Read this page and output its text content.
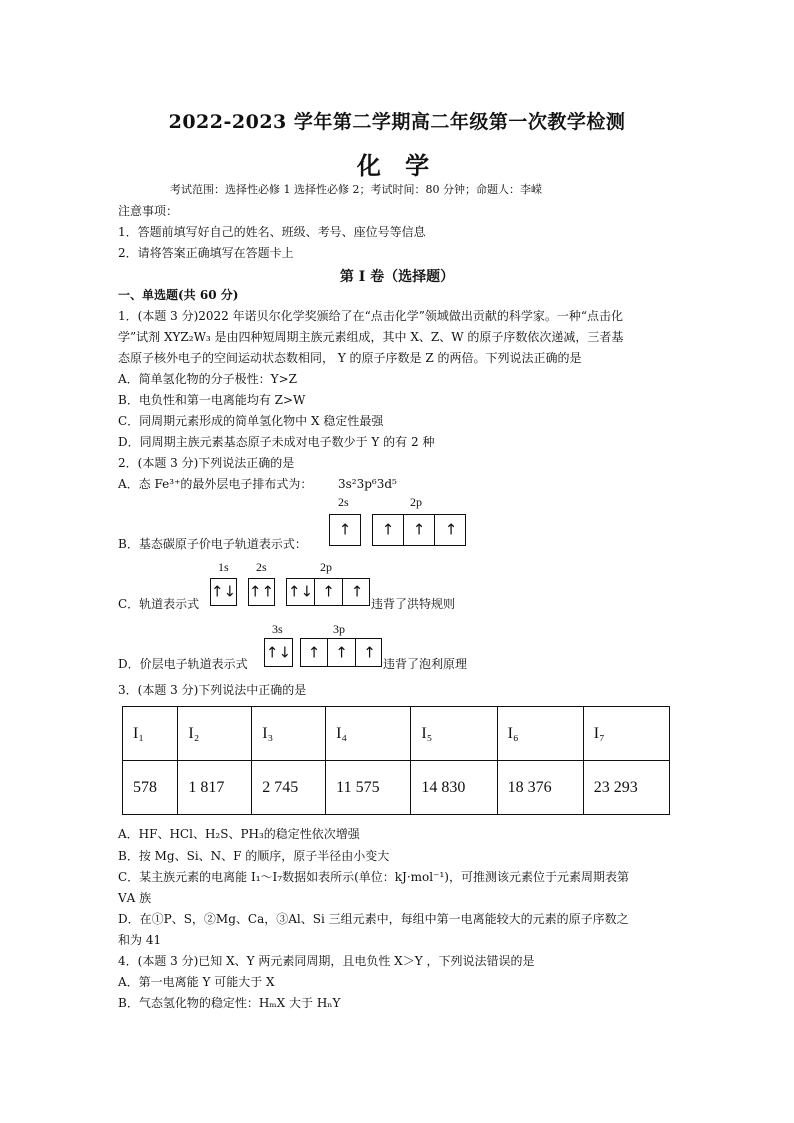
2022-2023 学年第二学期高二年级第一次教学检测
化 学
考试范围：选择性必修 1 选择性必修 2；考试时间：80 分钟；命题人：李嵘
注意事项：
1．答题前填写好自己的姓名、班级、考号、座位号等信息
2．请将答案正确填写在答题卡上
第 I 卷（选择题）
一、单选题(共 60 分)
1．(本题 3 分)2022 年诺贝尔化学奖颁给了在“点击化学”领域做出贡献的科学家。一种“点击化
学”试剂 XYZ₂W₃ 是由四种短周期主族元素组成，其中 X、Z、W 的原子序数依次递减，三者基
态原子核外电子的空间运动状态数相同， Y 的原子序数是 Z 的两倍。下列说法正确的是
A．简单氢化物的分子极性：Y>Z
B．电负性和第一电离能均有 Z>W
C．同周期元素形成的简单氢化物中 X 稳定性最强
D．同周期主族元素基态原子未成对电子数少于 Y 的有 2 种
2．(本题 3 分)下列说法正确的是
A．态 Fe³⁺的最外层电子排布式为： 3s²3p⁶3d⁵
2s	2p
↑ ↑ ↑ ↑
B．基态碳原子价电子轨道表示式：
1s 2s	2p
↑↓ ↑↑ ↑↓ ↑ ↑
C．轨道表示式	违背了洪特规则
3s	3p
↑↓ ↑ ↑ ↑
D．价层电子轨道表示式	违背了泡利原理
3．(本题 3 分)下列说法中正确的是
I₁	I₂	I₃	I₄	I₅	I₆	I₇
578	1 817	2 745	11 575	14 830	18 376	23 293
A．HF、HCl、H₂S、PH₃的稳定性依次增强
B．按 Mg、Si、N、F 的顺序，原子半径由小变大
C．某主族元素的电离能 I₁～I₇数据如表所示(单位：kJ·mol⁻¹)，可推测该元素位于元素周期表第
ⅤA 族
D．在①P、S，②Mg、Ca，③Al、Si 三组元素中，每组中第一电离能较大的元素的原子序数之
和为 41
4．(本题 3 分)已知 X、Y 两元素同周期，且电负性 X＞Y ，下列说法错误的是
A．第一电离能 Y 可能大于 X
B．气态氢化物的稳定性：HₘX 大于 HₙY
